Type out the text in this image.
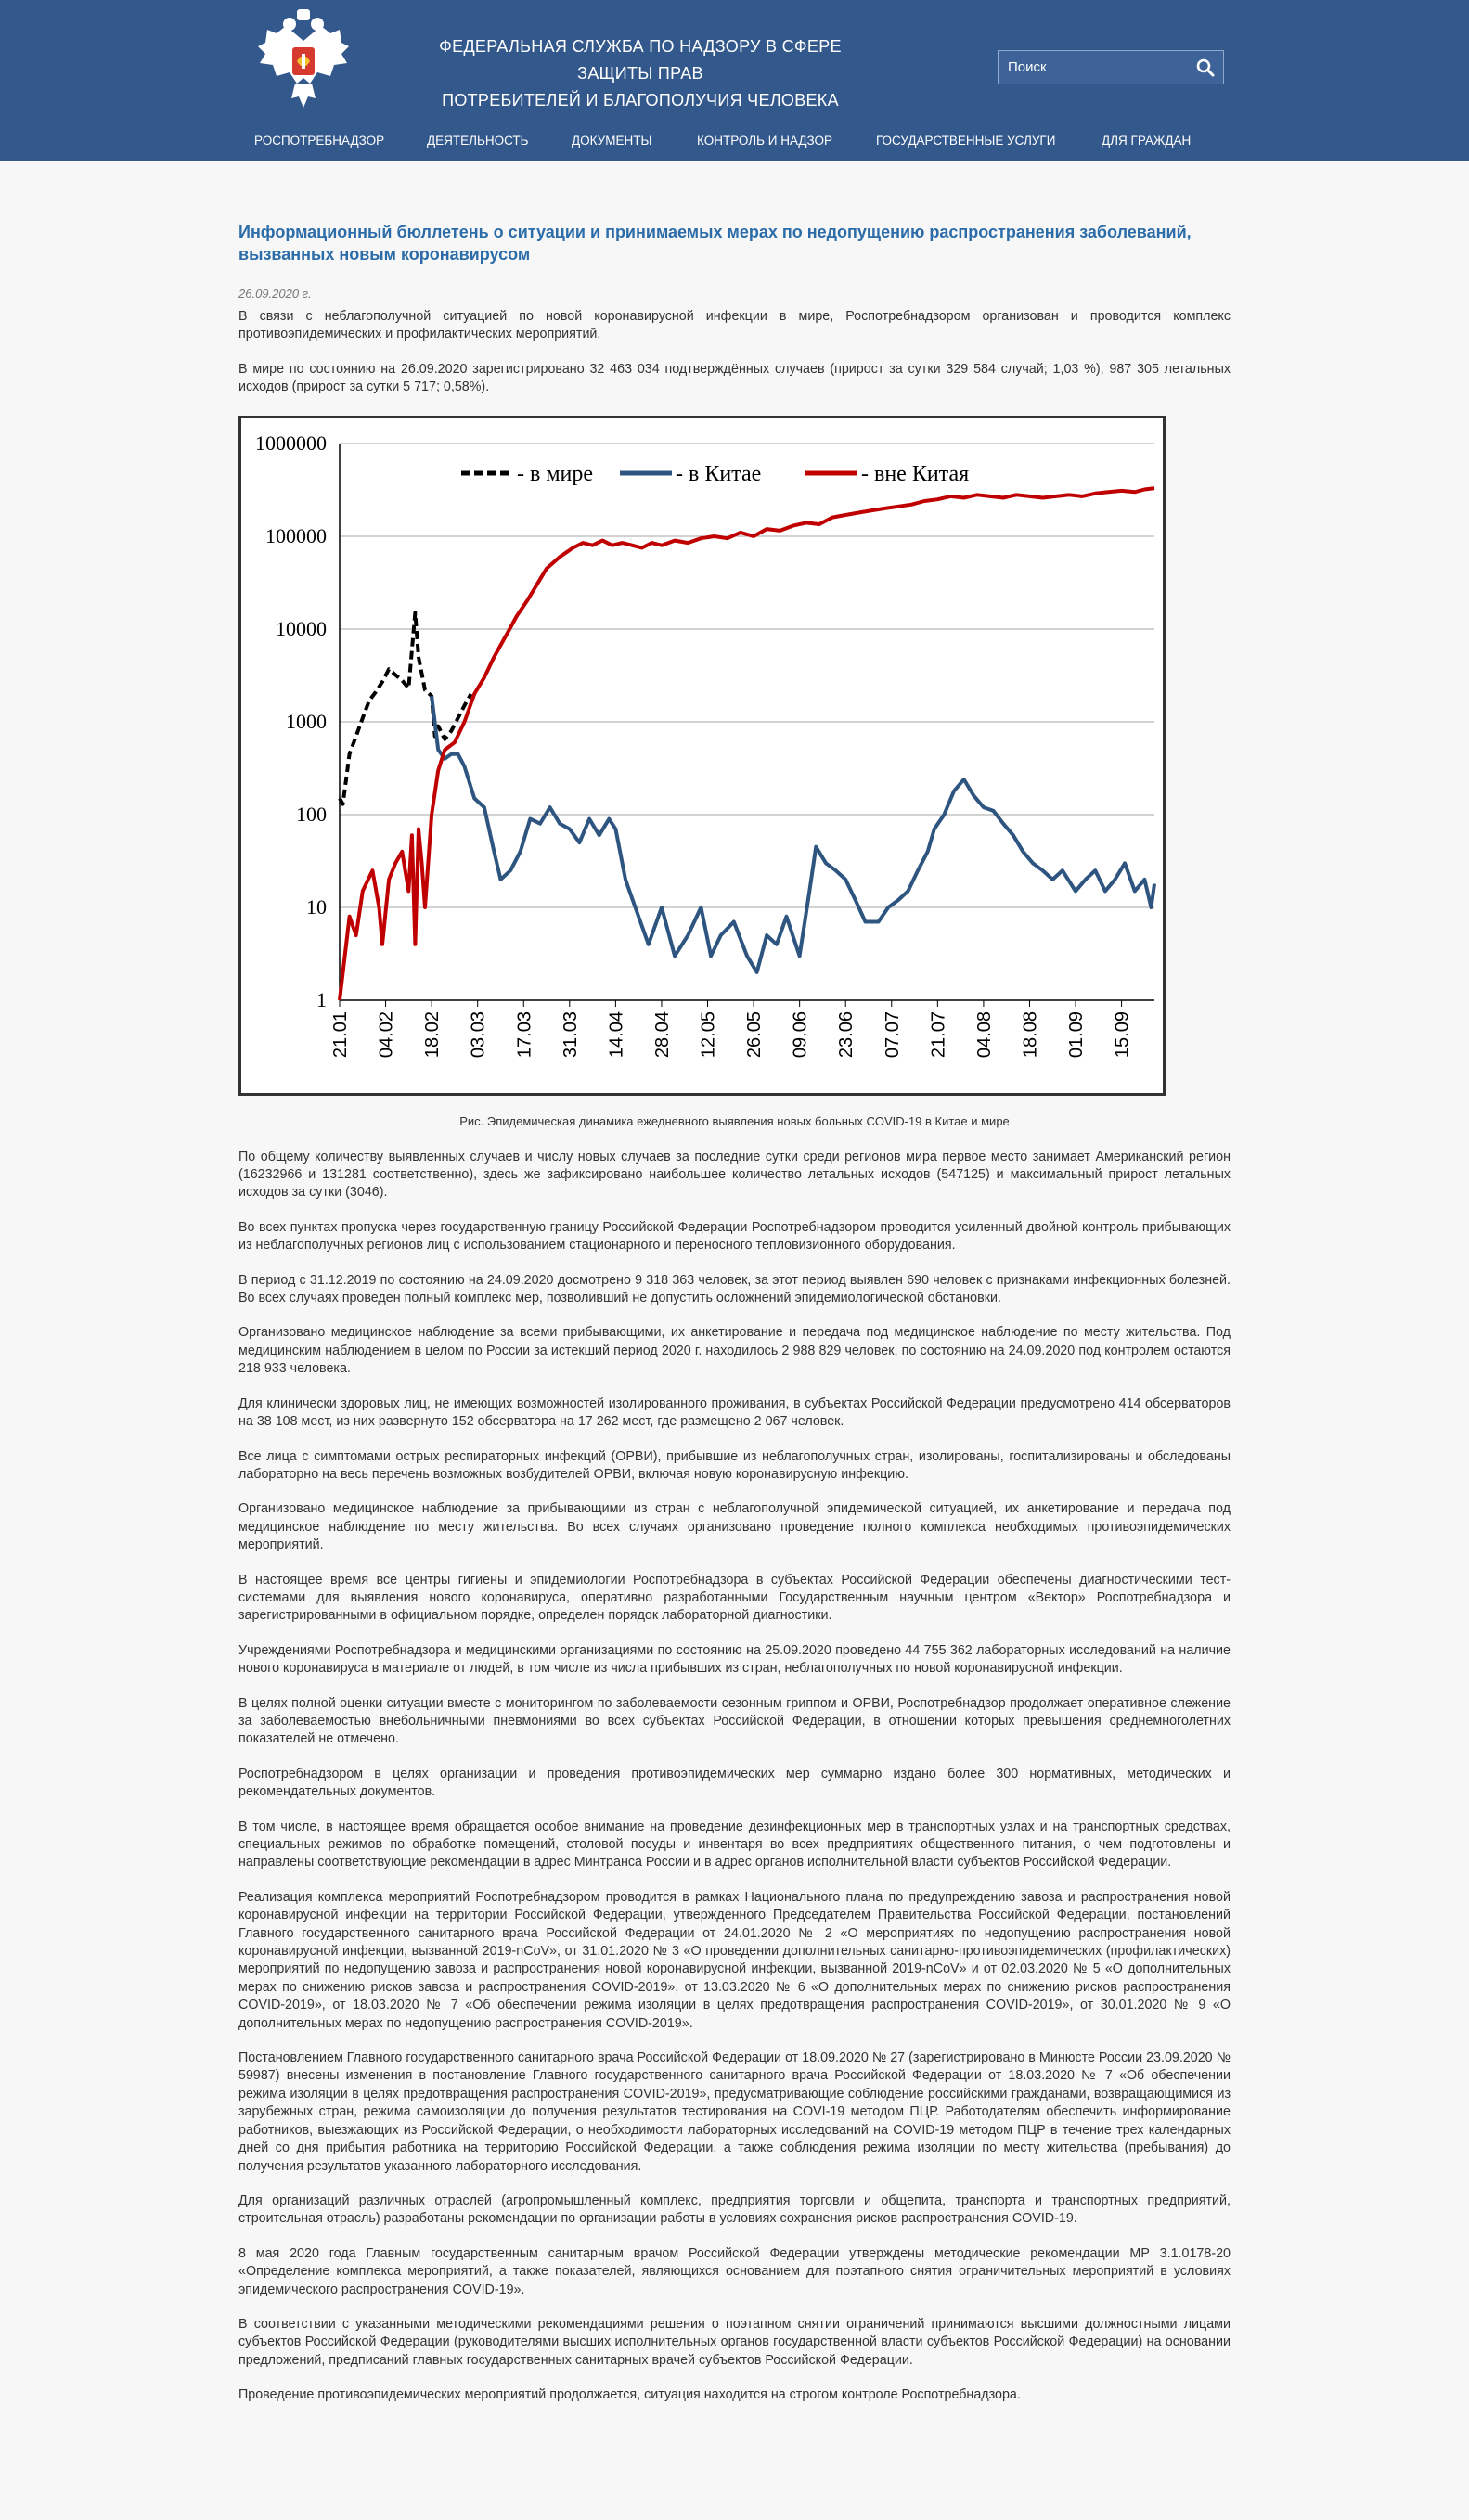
ФЕДЕРАЛЬНАЯ СЛУЖБА ПО НАДЗОРУ В СФЕРЕ ЗАЩИТЫ ПРАВ
ПОТРЕБИТЕЛЕЙ И БЛАГОПОЛУЧИЯ ЧЕЛОВЕКА
Поиск
РОСПОТРЕБНАДЗОР	ДЕЯТЕЛЬНОСТЬ	ДОКУМЕНТЫ	КОНТРОЛЬ И НАДЗОР	ГОСУДАРСТВЕННЫЕ УСЛУГИ	ДЛЯ ГРАЖДАН
Информационный бюллетень о ситуации и принимаемых мерах по недопущению распространения заболеваний, вызванных новым коронавирусом
26.09.2020 г.

В связи с неблагополучной ситуацией по новой коронавирусной инфекции в мире, Роспотребнадзором организован и проводится комплекс противоэпидемических и профилактических мероприятий.

В мире по состоянию на 26.09.2020 зарегистрировано 32 463 034 подтверждённых случаев (прирост за сутки 329 584 случай; 1,03 %), 987 305 летальных исходов (прирост за сутки 5 717; 0,58%).

1
10
100
1000
10000
100000
1000000
21.01 04.02 18.02 03.03 17.03 31.03 14.04 28.04 12.05 26.05 09.06 23.06 07.07 21.07 04.08 18.08 01.09 15.09
- в мире	- в Китае	- вне Китая
Рис. Эпидемическая динамика ежедневного выявления новых больных COVID-19 в Китае и мире

По общему количеству выявленных случаев и числу новых случаев за последние сутки среди регионов мира первое место занимает Американский регион (16232966 и 131281 соответственно), здесь же зафиксировано наибольшее количество летальных исходов (547125) и максимальный прирост летальных исходов за сутки (3046).

Во всех пунктах пропуска через государственную границу Российской Федерации Роспотребнадзором проводится усиленный двойной контроль прибывающих из неблагополучных регионов лиц с использованием стационарного и переносного тепловизионного оборудования.

В период с 31.12.2019 по состоянию на 24.09.2020 досмотрено 9 318 363 человек, за этот период выявлен 690 человек с признаками инфекционных болезней. Во всех случаях проведен полный комплекс мер, позволивший не допустить осложнений эпидемиологической обстановки.

Организовано медицинское наблюдение за всеми прибывающими, их анкетирование и передача под медицинское наблюдение по месту жительства. Под медицинским наблюдением в целом по России за истекший период 2020 г. находилось 2 988 829 человек, по состоянию на 24.09.2020 под контролем остаются 218 933 человека.

Для клинически здоровых лиц, не имеющих возможностей изолированного проживания, в субъектах Российской Федерации предусмотрено 414 обсерваторов на 38 108 мест, из них развернуто 152 обсерватора на 17 262 мест, где размещено 2 067 человек.

Все лица с симптомами острых респираторных инфекций (ОРВИ), прибывшие из неблагополучных стран, изолированы, госпитализированы и обследованы лабораторно на весь перечень возможных возбудителей ОРВИ, включая новую коронавирусную инфекцию.

Организовано медицинское наблюдение за прибывающими из стран с неблагополучной эпидемической ситуацией, их анкетирование и передача под медицинское наблюдение по месту жительства. Во всех случаях организовано проведение полного комплекса необходимых противоэпидемических мероприятий.

В настоящее время все центры гигиены и эпидемиологии Роспотребнадзора в субъектах Российской Федерации обеспечены диагностическими тест-системами для выявления нового коронавируса, оперативно разработанными Государственным научным центром «Вектор» Роспотребнадзора и зарегистрированными в официальном порядке, определен порядок лабораторной диагностики.

Учреждениями Роспотребнадзора и медицинскими организациями по состоянию на 25.09.2020 проведено 44 755 362 лабораторных исследований на наличие нового коронавируса в материале от людей, в том числе из числа прибывших из стран, неблагополучных по новой коронавирусной инфекции.

В целях полной оценки ситуации вместе с мониторингом по заболеваемости сезонным гриппом и ОРВИ, Роспотребнадзор продолжает оперативное слежение за заболеваемостью внебольничными пневмониями во всех субъектах Российской Федерации, в отношении которых превышения среднемноголетних показателей не отмечено.

Роспотребнадзором в целях организации и проведения противоэпидемических мер суммарно издано более 300 нормативных, методических и рекомендательных документов.

В том числе, в настоящее время обращается особое внимание на проведение дезинфекционных мер в транспортных узлах и на транспортных средствах, специальных режимов по обработке помещений, столовой посуды и инвентаря во всех предприятиях общественного питания, о чем подготовлены и направлены соответствующие рекомендации в адрес Минтранса России и в адрес органов исполнительной власти субъектов Российской Федерации.

Реализация комплекса мероприятий Роспотребнадзором проводится в рамках Национального плана по предупреждению завоза и распространения новой коронавирусной инфекции на территории Российской Федерации, утвержденного Председателем Правительства Российской Федерации, постановлений Главного государственного санитарного врача Российской Федерации от 24.01.2020 № 2 «О мероприятиях по недопущению распространения новой коронавирусной инфекции, вызванной 2019-nCoV», от 31.01.2020 № 3 «О проведении дополнительных санитарно-противоэпидемических (профилактических) мероприятий по недопущению завоза и распространения новой коронавирусной инфекции, вызванной 2019-nCoV» и от 02.03.2020 № 5 «О дополнительных мерах по снижению рисков завоза и распространения COVID-2019», от 13.03.2020 № 6 «О дополнительных мерах по снижению рисков распространения COVID-2019», от 18.03.2020 № 7 «Об обеспечении режима изоляции в целях предотвращения распространения COVID-2019», от 30.01.2020 № 9 «О дополнительных мерах по недопущению распространения COVID-2019».

Постановлением Главного государственного санитарного врача Российской Федерации от 18.09.2020 № 27 (зарегистрировано в Минюсте России 23.09.2020 № 59987) внесены изменения в постановление Главного государственного санитарного врача Российской Федерации от 18.03.2020 № 7 «Об обеспечении режима изоляции в целях предотвращения распространения COVID-2019», предусматривающие соблюдение российскими гражданами, возвращающимися из зарубежных стран, режима самоизоляции до получения результатов тестирования на COVI-19 методом ПЦР. Работодателям обеспечить информирование работников, выезжающих из Российской Федерации, о необходимости лабораторных исследований на COVID-19 методом ПЦР в течение трех календарных дней со дня прибытия работника на территорию Российской Федерации, а также соблюдения режима изоляции по месту жительства (пребывания) до получения результатов указанного лабораторного исследования.

Для организаций различных отраслей (агропромышленный комплекс, предприятия торговли и общепита, транспорта и транспортных предприятий, строительная отрасль) разработаны рекомендации по организации работы в условиях сохранения рисков распространения COVID-19.

8 мая 2020 года Главным государственным санитарным врачом Российской Федерации утверждены методические рекомендации МР 3.1.0178-20 «Определение комплекса мероприятий, а также показателей, являющихся основанием для поэтапного снятия ограничительных мероприятий в условиях эпидемического распространения COVID-19».

В соответствии с указанными методическими рекомендациями решения о поэтапном снятии ограничений принимаются высшими должностными лицами субъектов Российской Федерации (руководителями высших исполнительных органов государственной власти субъектов Российской Федерации) на основании предложений, предписаний главных государственных санитарных врачей субъектов Российской Федерации.

Проведение противоэпидемических мероприятий продолжается, ситуация находится на строгом контроле Роспотребнадзора.
